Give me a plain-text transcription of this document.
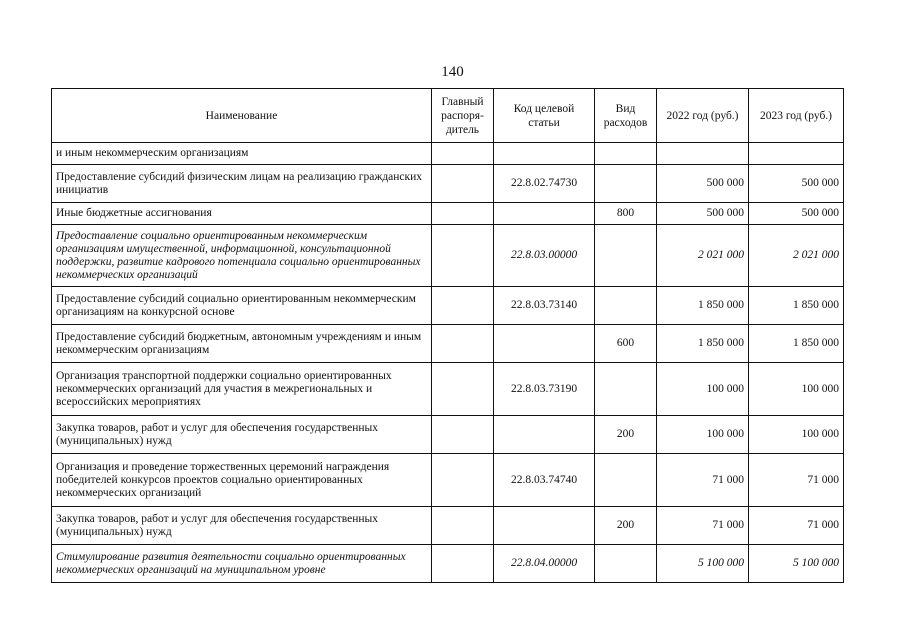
140
Наименование	Главный распоря-дитель	Код целевой статьи	Вид расходов	2022 год (руб.)	2023 год (руб.)
и иным некоммерческим организациям					
Предоставление субсидий физическим лицам на реализацию гражданских инициатив		22.8.02.74730		500 000	500 000
Иные бюджетные ассигнования			800	500 000	500 000
Предоставление социально ориентированным некоммерческим организациям имущественной, информационной, консультационной поддержки, развитие кадрового потенциала социально ориентированных некоммерческих организаций		22.8.03.00000		2 021 000	2 021 000
Предоставление субсидий социально ориентированным некоммерческим организациям на конкурсной основе		22.8.03.73140		1 850 000	1 850 000
Предоставление субсидий бюджетным, автономным учреждениям и иным некоммерческим организациям			600	1 850 000	1 850 000
Организация транспортной поддержки социально ориентированных некоммерческих организаций для участия в межрегиональных и всероссийских мероприятиях		22.8.03.73190		100 000	100 000
Закупка товаров, работ и услуг для обеспечения государственных (муниципальных) нужд			200	100 000	100 000
Организация и проведение торжественных церемоний награждения победителей конкурсов проектов социально ориентированных некоммерческих организаций		22.8.03.74740		71 000	71 000
Закупка товаров, работ и услуг для обеспечения государственных (муниципальных) нужд			200	71 000	71 000
Стимулирование развития деятельности социально ориентированных некоммерческих организаций на муниципальном уровне		22.8.04.00000		5 100 000	5 100 000
